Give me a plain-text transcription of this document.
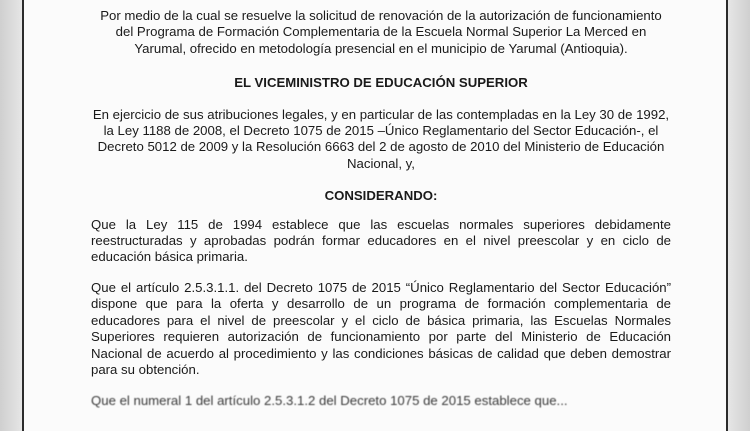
Por medio de la cual se resuelve la solicitud de renovación de la autorización de funcionamiento del Programa de Formación Complementaria de la Escuela Normal Superior La Merced en Yarumal, ofrecido en metodología presencial en el municipio de Yarumal (Antioquia).

EL VICEMINISTRO DE EDUCACIÓN SUPERIOR

En ejercicio de sus atribuciones legales, y en particular de las contempladas en la Ley 30 de 1992, la Ley 1188 de 2008, el Decreto 1075 de 2015 –Único Reglamentario del Sector Educación-, el Decreto 5012 de 2009 y la Resolución 6663 del 2 de agosto de 2010 del Ministerio de Educación Nacional, y,

CONSIDERANDO:

Que la Ley 115 de 1994 establece que las escuelas normales superiores debidamente reestructuradas y aprobadas podrán formar educadores en el nivel preescolar y en ciclo de educación básica primaria.

Que el artículo 2.5.3.1.1. del Decreto 1075 de 2015 “Único Reglamentario del Sector Educación” dispone que para la oferta y desarrollo de un programa de formación complementaria de educadores para el nivel de preescolar y el ciclo de básica primaria, las Escuelas Normales Superiores requieren autorización de funcionamiento por parte del Ministerio de Educación Nacional de acuerdo al procedimiento y las condiciones básicas de calidad que deben demostrar para su obtención.

Que el numeral 1 del artículo 2.5.3.1.2 del Decreto 1075 de 2015 establece que...
